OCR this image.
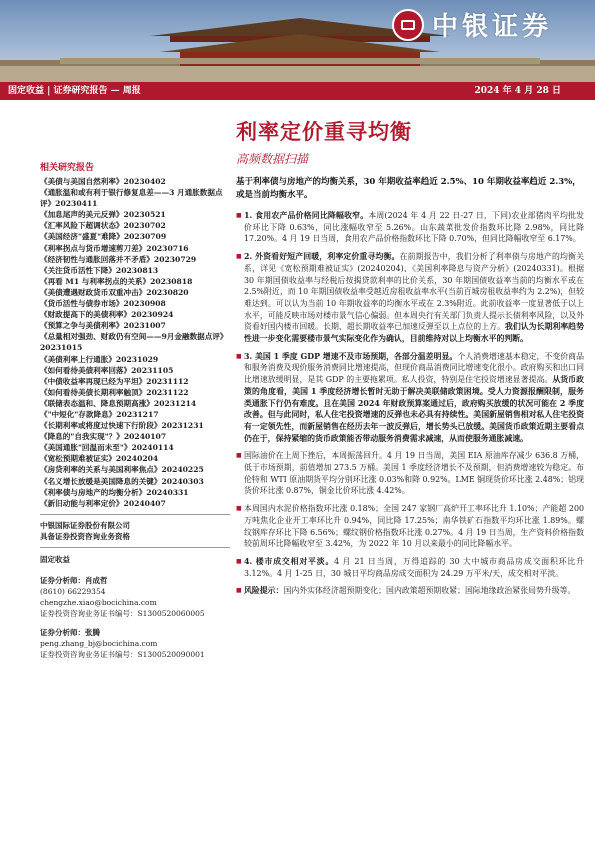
中银证券
固定收益 | 证券研究报告 — 周报	2024 年 4 月 28 日
利率定价重寻均衡
高频数据扫描
相关研究报告
《美债与美国自然利率》20230402
《通胀温和或有利于银行修复息差——3 月通胀数据点评》20230411
《加息尾声的美元反弹》20230521
《汇率风险下超调状态》20230702
《美国经济"盛夏"难降》20230709
《利率拐点与货币增速剪刀差》20230716
《经济韧性与通胀回落并不矛盾》20230729
《关注货币活性下降》20230813
《再看 M1 与利率拐点的关系》20230818
《美债遭遇财政货币双重冲击》20230820
《货币活性与债券市场》20230908
《财政提高下的美债利率》20230924
《预算之争与美债利率》20231007
《总量相对强劲、财政仍有空间——9月金融数据点评》20231015
《美债利率上行通胀》20231029
《如何看待美债利率回落》20231105
《中债收益率再现已经为平坦》20231112
《如何看待美债长期利率触顶》20231122
《联储表态温和、降息预期高涨》20231214
《"中短化"存款降息》20231217
《长期利率或将度过快速下行阶段》20231231
《降息的"自我实现"？》20240107
《美国通胀"回温而未至"》20240114
《宽松预期难被证实》20240204
《房贷利率的关系与美国利率焦点》20240225
《名义增长放缓是美国降息的关键》20240303
《利率债与房地产的均衡分析》20240331
《新旧动能与利率定价》20240407
中银国际证券股份有限公司
具备证券投资咨询业务资格
固定收益
证券分析师：肖成哲
(8610) 66229354
chengzhe.xiao@bocichina.com
证券投资咨询业务证书编号：S1300520060005
证券分析师：张腾
peng.zhang_bj@bocichina.com
证券投资咨询业务证书编号：S1300520090001
基于利率债与房地产的均衡关系，30 年期收益率趋近 2.5%、10 年期收益率趋近 2.3%，或是当前均衡水平。
■ 1. 食用农产品价格同比降幅收窄。本周(2024 年 4 月 22 日-27 日，下同)农业部猪肉平均批发价环比下降 0.63%，同比涨幅收窄至 5.26%。山东蔬菜批发价指数环比降 2.98%，同比降 17.20%。4 月 19 日当周，食用农产品价格指数环比下降 0.70%，但同比降幅收窄至 6.17%。
■ 2. 外资看好短产回暖，利率定价重寻均衡。在前期报告中，我们分析了利率债与房地产的均衡关系，详见《宽松预期难被证实》(20240204)、《美国利率降息与资产分析》(20240331)。根据 30 年期国债收益率与经税后按揭贷款利率的比价关系，30 年期国债收益率当前的均衡水平或在 2.5%附近，而 10 年期国债收益率受越近房租收益率水平(当前百城房租收益率约为 2.2%)，但较难达到。可以认为当前 10 年期收益率的均衡水平或在 2.3%附近。此前收益率一度显著低于以上水平，可能反映市场对楼市景气信心偏弱。但本周央行有关部门负责人提示长债利率风险，以及外资看好国内楼市回暖。长期、超长期收益率已加速反弹至以上点位的上方。我们认为长期利率趋势性进一步变化需要楼市景气实际变化作为确认，目前维持对以上均衡水平的判断。
■ 3. 美国 1 季度 GDP 增速不及市场预期，各部分温差明显。个人消费增速基本稳定，不变价商品和服务消费及现价服务消费同比增速提高，但现价商品消费同比增速变化很小。政府购买和出口同比增速放缓明显，是其 GDP 的主要拖累项。私人投资，特别是住宅投资增速显著提高。从货币政策的角度看，美国 1 季度经济增长暂时无助于解决美联储政策困境。受人力资源报酬限制，服务类通胀下行仍有难度。且在美国 2024 年财政预算案通过后，政府购买放缓的状况可能在 2 季度改善。但与此同时，私人住宅投资增速的反弹也未必具有持续性。美国新屋销售相对私人住宅投资有一定领先性，而新屋销售在经历去年一波反弹后，增长势头已放缓。美国货币政策近期主要看点仍在于，保持紧缩的货币政策能否带动服务消费需求减速，从而使服务通胀减速。
■ 国际油价在上周下挫后，本周振荡回升。4 月 19 日当周，美国 EIA 原油库存减少 636.8 万桶，低于市场预期，前值增加 273.5 万桶。美国 1 季度经济增长不及预期，但消费增速较为稳定。布伦特和 WTI 原油期货平均分别环比涨 0.03%和降 0.92%。LME 铜现货价环比涨 2.48%；铝现货价环比涨 0.87%，铜金比价环比涨 4.42%。
■ 本周国内水泥价格指数环比涨 0.18%；全国 247 家钢厂高炉开工率环比升 1.10%；产能超 200 万吨焦化企业开工率环比升 0.94%，同比降 17.25%；南华铁矿石指数平均环比涨 1.89%。螺纹钢库存环比下降 6.56%；螺纹钢价格指数环比涨 0.27%。4 月 19 日当周，生产资料价格指数较前周环比降幅收窄至 3.42%，为 2022 年 10 月以来最小的同比降幅水平。
■ 4. 楼市成交相对平淡。4 月 21 日当周，万得追踪的 30 大中城市商品房成交面积环比升 3.12%。4 月 1-25 日，30 城日平均商品房成交面积为 24.29 万平米/天，成交相对平淡。
■ 风险提示：国内外实体经济超预期变化；国内政策超预期收紧；国际地缘政治紧张局势升级等。
